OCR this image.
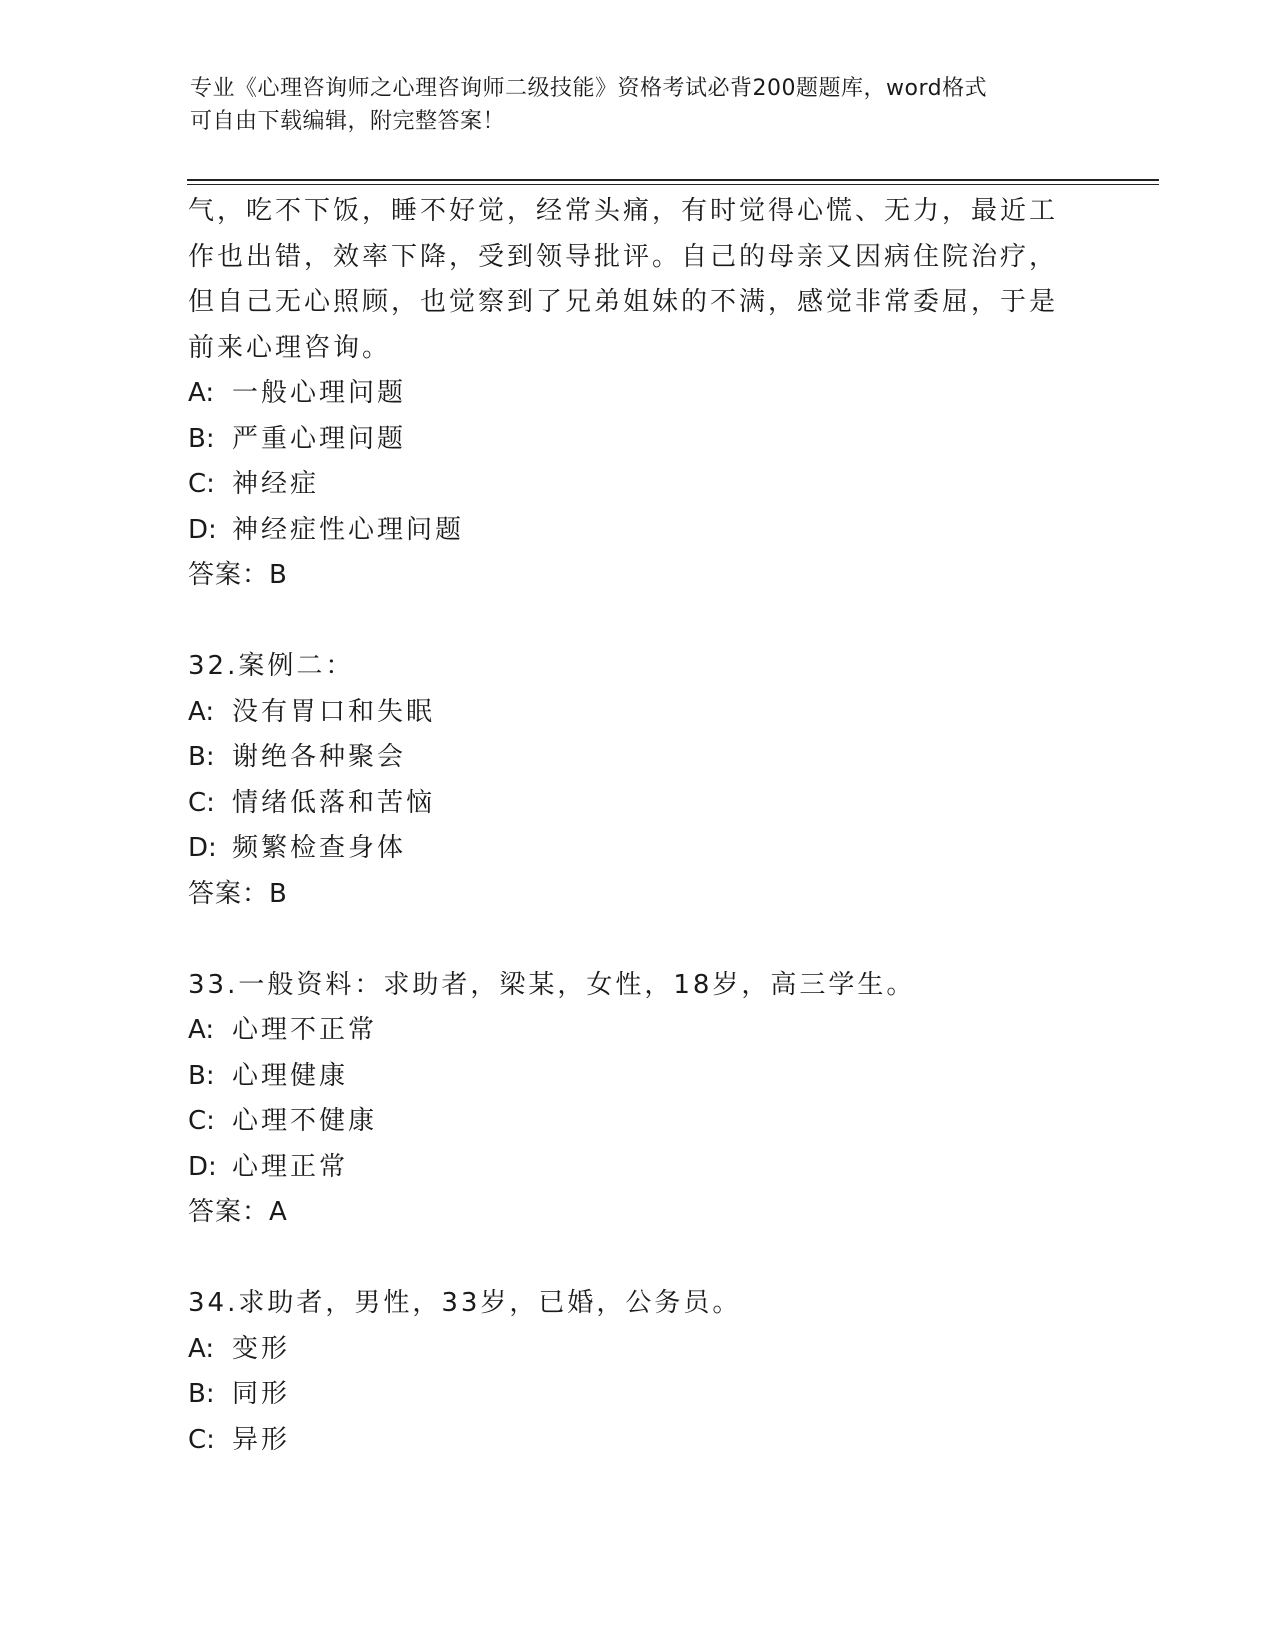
专业《心理咨询师之心理咨询师二级技能》资格考试必背200题题库，word格式
可自由下载编辑，附完整答案！
气，吃不下饭，睡不好觉，经常头痛，有时觉得心慌、无力，最近工
作也出错，效率下降，受到领导批评。自己的母亲又因病住院治疗，
但自己无心照顾，也觉察到了兄弟姐妹的不满，感觉非常委屈，于是
前来心理咨询。
A: 一般心理问题
B: 严重心理问题
C: 神经症
D: 神经症性心理问题
答案：B
32.案例二：
A: 没有胃口和失眠
B: 谢绝各种聚会
C: 情绪低落和苦恼
D: 频繁检查身体
答案：B
33.一般资料：求助者，梁某，女性，18岁，高三学生。
A: 心理不正常
B: 心理健康
C: 心理不健康
D: 心理正常
答案：A
34.求助者，男性，33岁，已婚，公务员。
A: 变形
B: 同形
C: 异形
